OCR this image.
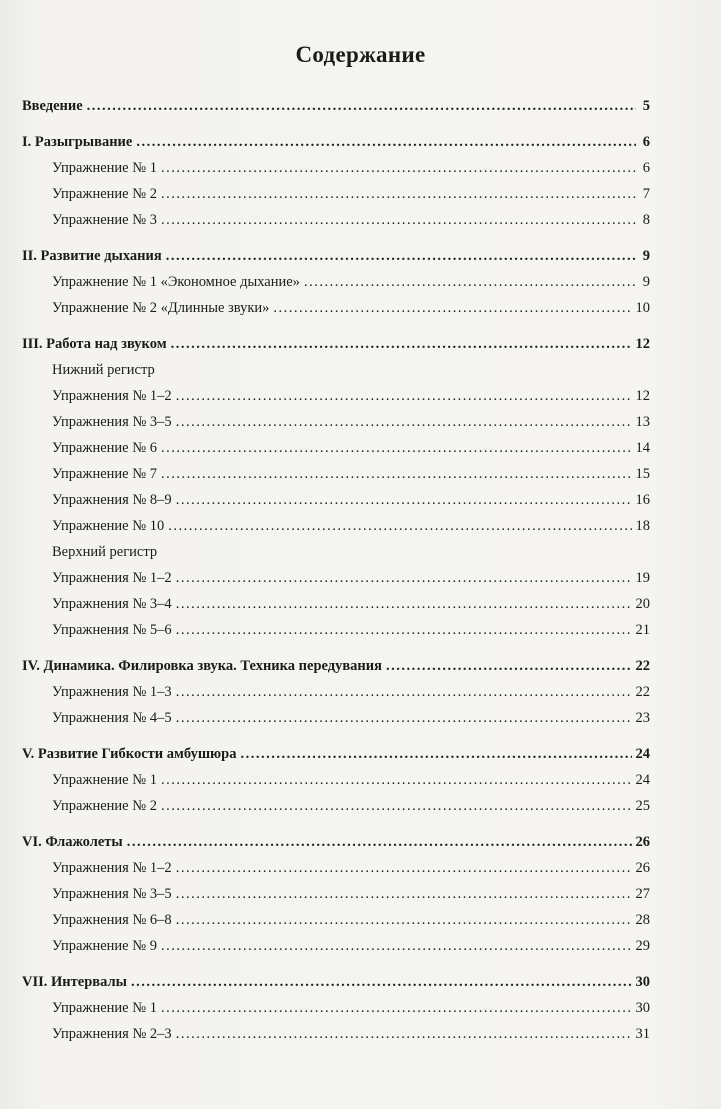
Содержание
Введение .....	5
I. Разыгрывание .....	6
Упражнение № 1 .....	6
Упражнение № 2 .....	7
Упражнение № 3 .....	8
II. Развитие дыхания .....	9
Упражнение № 1 «Экономное дыхание» .....	9
Упражнение № 2 «Длинные звуки» .....	10
III. Работа над звуком .....	12
Нижний регистр
Упражнения № 1–2 .....	12
Упражнения № 3–5 .....	13
Упражнение № 6 .....	14
Упражнение № 7 .....	15
Упражнения № 8–9 .....	16
Упражнение № 10 .....	18
Верхний регистр
Упражнения № 1–2 .....	19
Упражнения № 3–4 .....	20
Упражнения № 5–6 .....	21
IV. Динамика. Филировка звука. Техника передувания .....	22
Упражнения № 1–3 .....	22
Упражнения № 4–5 .....	23
V. Развитие Гибкости амбушюра .....	24
Упражнение № 1 .....	24
Упражнение № 2 .....	25
VI. Флажолеты .....	26
Упражнения № 1–2 .....	26
Упражнения № 3–5 .....	27
Упражнения № 6–8 .....	28
Упражнение № 9 .....	29
VII. Интервалы .....	30
Упражнение № 1 .....	30
Упражнения № 2–3 .....	31
